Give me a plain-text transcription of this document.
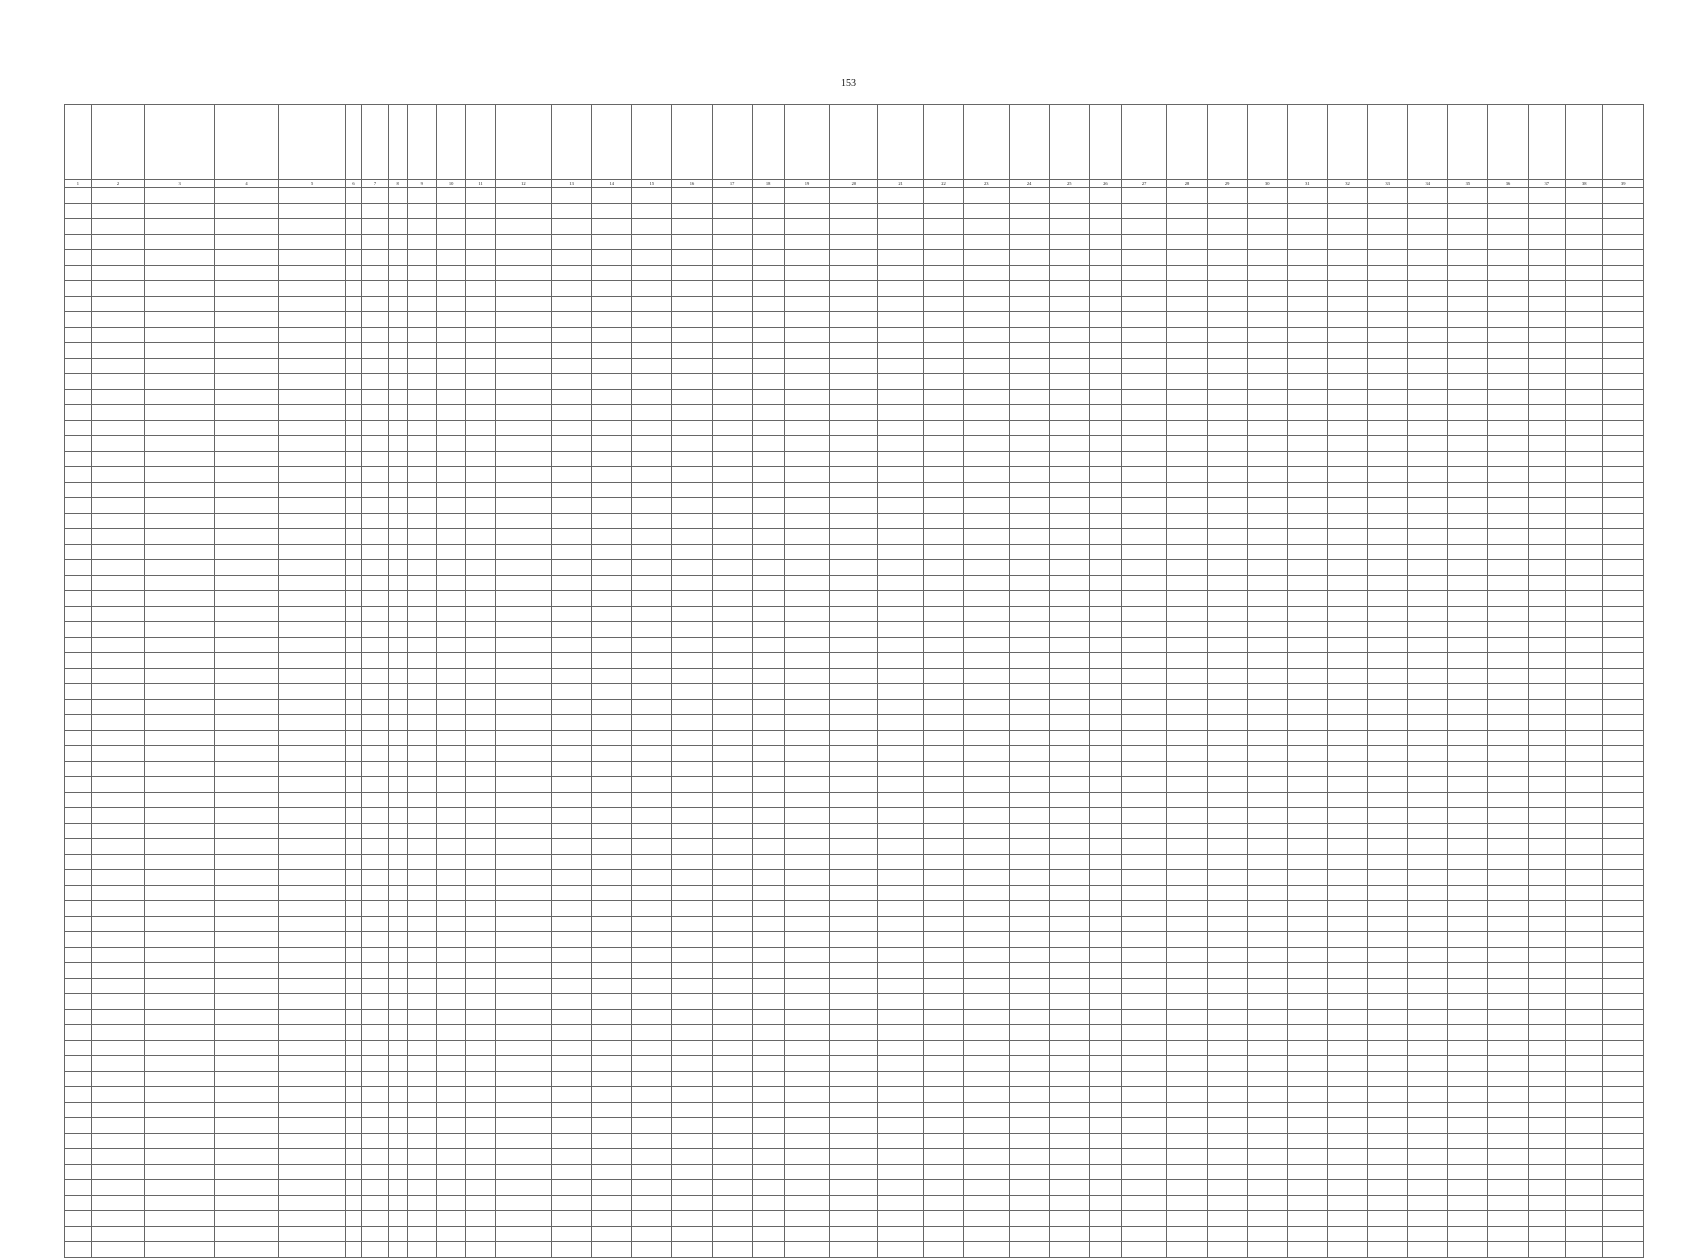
153

1	2	3	4	5	6	7	8	9	10	11	12	13	14	15	16	17	18	19	20	21	22	23	24	25	26	27	28	29	30	31	32	33	34	35	36	37	38	39
